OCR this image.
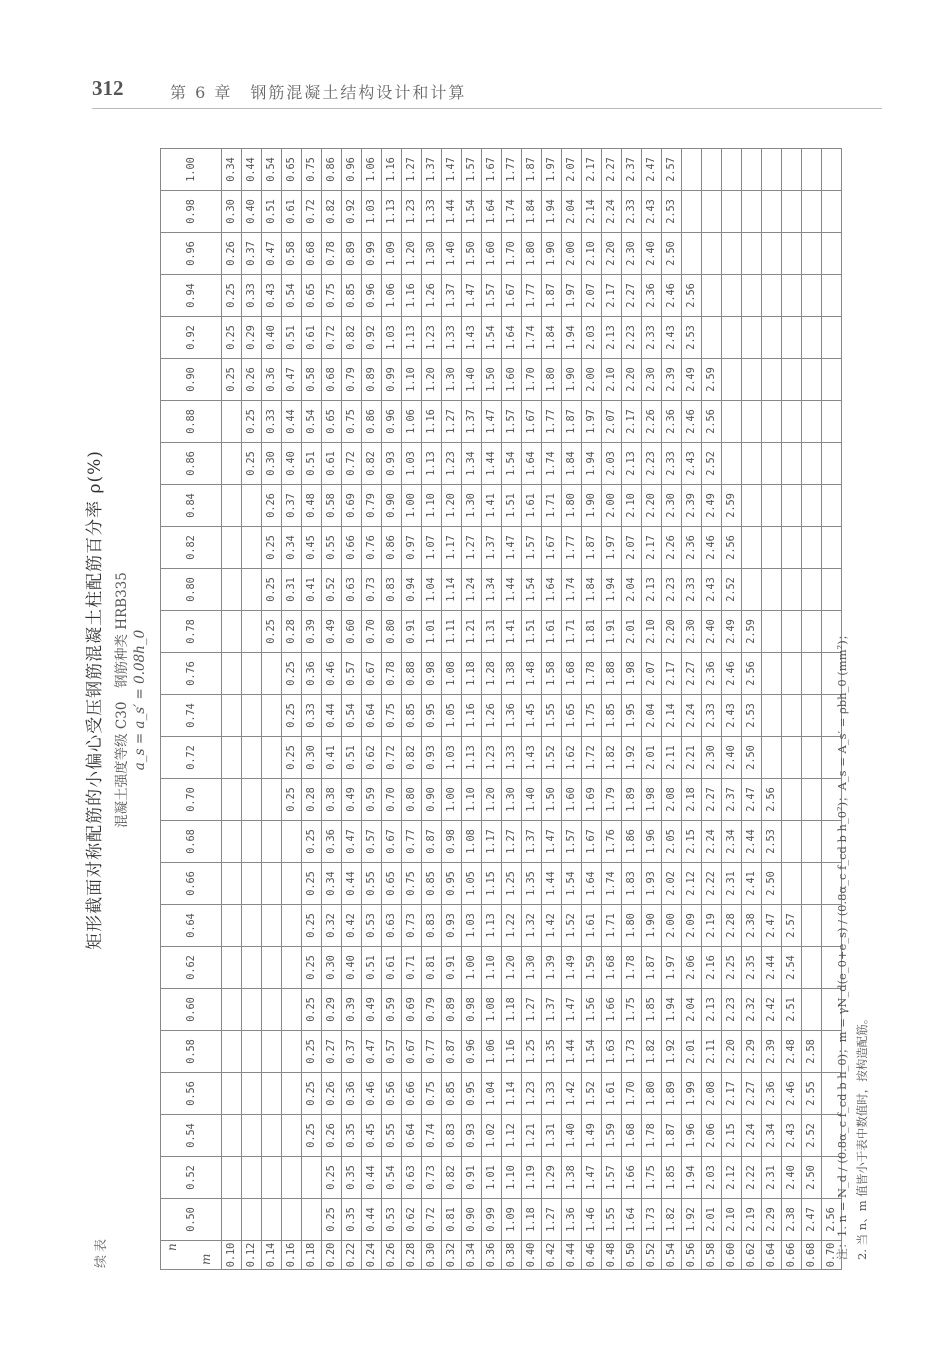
312	第 6 章　钢筋混凝土结构设计和计算
续表
矩形截面对称配筋的小偏心受压钢筋混凝土柱配筋百分率 ρ(%) 混凝土强度等级 C30　钢筋种类 HRB335 a_s = a_s′ = 0.08h_0
n
m	0.50	0.52	0.54	0.56	0.58	0.60	0.62	0.64	0.66	0.68	0.70	0.72	0.74	0.76	0.78	0.80	0.82	0.84	0.86	0.88	0.90	0.92	0.94	0.96	0.98	1.00
0.10																					0.25	0.25	0.25	0.26	0.30	0.34
0.12																			0.25	0.25	0.26	0.29	0.33	0.37	0.40	0.44
0.14															0.25	0.25	0.25	0.26	0.30	0.33	0.36	0.40	0.43	0.47	0.51	0.54
0.16											0.25	0.25	0.25	0.25	0.28	0.31	0.34	0.37	0.40	0.44	0.47	0.51	0.54	0.58	0.61	0.65
0.18			0.25	0.25	0.25	0.25	0.25	0.25	0.25	0.25	0.28	0.30	0.33	0.36	0.39	0.41	0.45	0.48	0.51	0.54	0.58	0.61	0.65	0.68	0.72	0.75
0.20	0.25	0.25	0.26	0.26	0.27	0.29	0.30	0.32	0.34	0.36	0.38	0.41	0.44	0.46	0.49	0.52	0.55	0.58	0.61	0.65	0.68	0.72	0.75	0.78	0.82	0.86
0.22	0.35	0.35	0.35	0.36	0.37	0.39	0.40	0.42	0.44	0.47	0.49	0.51	0.54	0.57	0.60	0.63	0.66	0.69	0.72	0.75	0.79	0.82	0.85	0.89	0.92	0.96
0.24	0.44	0.44	0.45	0.46	0.47	0.49	0.51	0.53	0.55	0.57	0.59	0.62	0.64	0.67	0.70	0.73	0.76	0.79	0.82	0.86	0.89	0.92	0.96	0.99	1.03	1.06
0.26	0.53	0.54	0.55	0.56	0.57	0.59	0.61	0.63	0.65	0.67	0.70	0.72	0.75	0.78	0.80	0.83	0.86	0.90	0.93	0.96	0.99	1.03	1.06	1.09	1.13	1.16
0.28	0.62	0.63	0.64	0.66	0.67	0.69	0.71	0.73	0.75	0.77	0.80	0.82	0.85	0.88	0.91	0.94	0.97	1.00	1.03	1.06	1.10	1.13	1.16	1.20	1.23	1.27
0.30	0.72	0.73	0.74	0.75	0.77	0.79	0.81	0.83	0.85	0.87	0.90	0.93	0.95	0.98	1.01	1.04	1.07	1.10	1.13	1.16	1.20	1.23	1.26	1.30	1.33	1.37
0.32	0.81	0.82	0.83	0.85	0.87	0.89	0.91	0.93	0.95	0.98	1.00	1.03	1.05	1.08	1.11	1.14	1.17	1.20	1.23	1.27	1.30	1.33	1.37	1.40	1.44	1.47
0.34	0.90	0.91	0.93	0.95	0.96	0.98	1.00	1.03	1.05	1.08	1.10	1.13	1.16	1.18	1.21	1.24	1.27	1.30	1.34	1.37	1.40	1.43	1.47	1.50	1.54	1.57
0.36	0.99	1.01	1.02	1.04	1.06	1.08	1.10	1.13	1.15	1.17	1.20	1.23	1.26	1.28	1.31	1.34	1.37	1.41	1.44	1.47	1.50	1.54	1.57	1.60	1.64	1.67
0.38	1.09	1.10	1.12	1.14	1.16	1.18	1.20	1.22	1.25	1.27	1.30	1.33	1.36	1.38	1.41	1.44	1.47	1.51	1.54	1.57	1.60	1.64	1.67	1.70	1.74	1.77
0.40	1.18	1.19	1.21	1.23	1.25	1.27	1.30	1.32	1.35	1.37	1.40	1.43	1.45	1.48	1.51	1.54	1.57	1.61	1.64	1.67	1.70	1.74	1.77	1.80	1.84	1.87
0.42	1.27	1.29	1.31	1.33	1.35	1.37	1.39	1.42	1.44	1.47	1.50	1.52	1.55	1.58	1.61	1.64	1.67	1.71	1.74	1.77	1.80	1.84	1.87	1.90	1.94	1.97
0.44	1.36	1.38	1.40	1.42	1.44	1.47	1.49	1.52	1.54	1.57	1.60	1.62	1.65	1.68	1.71	1.74	1.77	1.80	1.84	1.87	1.90	1.94	1.97	2.00	2.04	2.07
0.46	1.46	1.47	1.49	1.52	1.54	1.56	1.59	1.61	1.64	1.67	1.69	1.72	1.75	1.78	1.81	1.84	1.87	1.90	1.94	1.97	2.00	2.03	2.07	2.10	2.14	2.17
0.48	1.55	1.57	1.59	1.61	1.63	1.66	1.68	1.71	1.74	1.76	1.79	1.82	1.85	1.88	1.91	1.94	1.97	2.00	2.03	2.07	2.10	2.13	2.17	2.20	2.24	2.27
0.50	1.64	1.66	1.68	1.70	1.73	1.75	1.78	1.80	1.83	1.86	1.89	1.92	1.95	1.98	2.01	2.04	2.07	2.10	2.13	2.17	2.20	2.23	2.27	2.30	2.33	2.37
0.52	1.73	1.75	1.78	1.80	1.82	1.85	1.87	1.90	1.93	1.96	1.98	2.01	2.04	2.07	2.10	2.13	2.17	2.20	2.23	2.26	2.30	2.33	2.36	2.40	2.43	2.47
0.54	1.82	1.85	1.87	1.89	1.92	1.94	1.97	2.00	2.02	2.05	2.08	2.11	2.14	2.17	2.20	2.23	2.26	2.30	2.33	2.36	2.39	2.43	2.46	2.50	2.53	2.57
0.56	1.92	1.94	1.96	1.99	2.01	2.04	2.06	2.09	2.12	2.15	2.18	2.21	2.24	2.27	2.30	2.33	2.36	2.39	2.43	2.46	2.49	2.53	2.56			
0.58	2.01	2.03	2.06	2.08	2.11	2.13	2.16	2.19	2.22	2.24	2.27	2.30	2.33	2.36	2.40	2.43	2.46	2.49	2.52	2.56	2.59					
0.60	2.10	2.12	2.15	2.17	2.20	2.23	2.25	2.28	2.31	2.34	2.37	2.40	2.43	2.46	2.49	2.52	2.56	2.59								
0.62	2.19	2.22	2.24	2.27	2.29	2.32	2.35	2.38	2.41	2.44	2.47	2.50	2.53	2.56	2.59											
0.64	2.29	2.31	2.34	2.36	2.39	2.42	2.44	2.47	2.50	2.53	2.56															
0.66	2.38	2.40	2.43	2.46	2.48	2.51	2.54	2.57																		
0.68	2.47	2.50	2.52	2.55	2.58																					
0.70	2.56																									
注：1. n = N_d / (0.8α_c f_cd b h_0)；m = γN_d(e_0+e_s) / (0.8α_c f_cd b h_0²)；A_s = A_s′ = ρbh_0 (mm²)； 2. 当 n、m 值皆小于表中数值时，按构造配筋。
